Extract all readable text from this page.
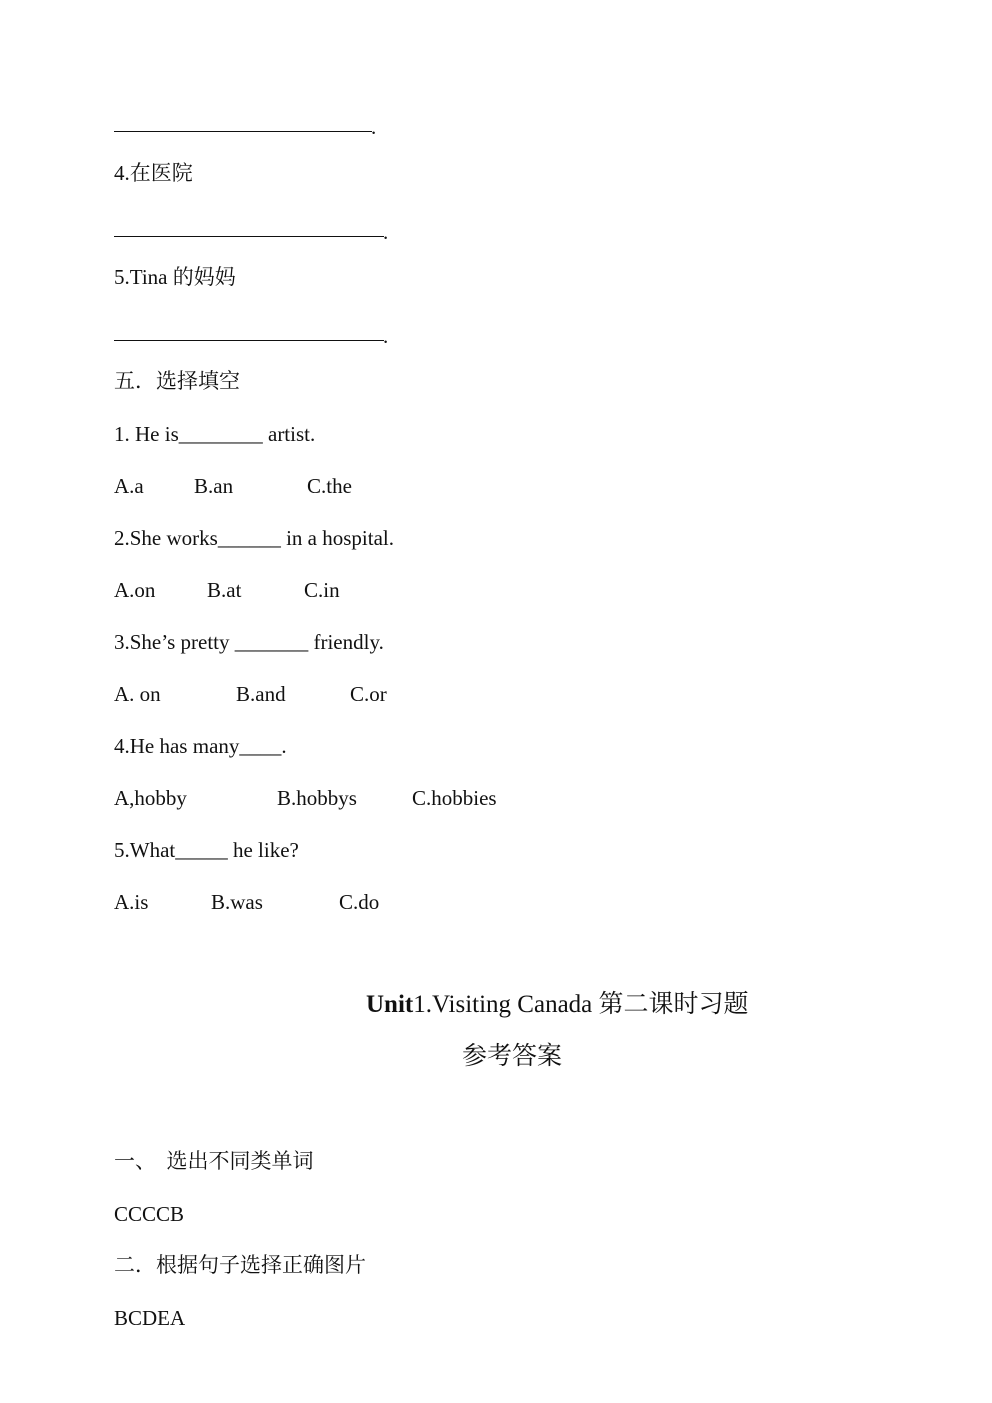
.
4.在医院
.
5.Tina 的妈妈
.
五．选择填空
1. He is________ artist.
A.a B.an	C.the
2.She works______ in a hospital.
A.on B.at	C.in
3.She’s pretty _______ friendly.
A. on	B.and	C.or
4.He has many____.
A,hobby	B.hobbys	C.hobbies
5.What_____ he like?
A.is	B.was	C.do
Unit1.Visiting Canada 第二课时习题
参考答案
一、  选出不同类单词
CCCCB
二．根据句子选择正确图片
BCDEA
